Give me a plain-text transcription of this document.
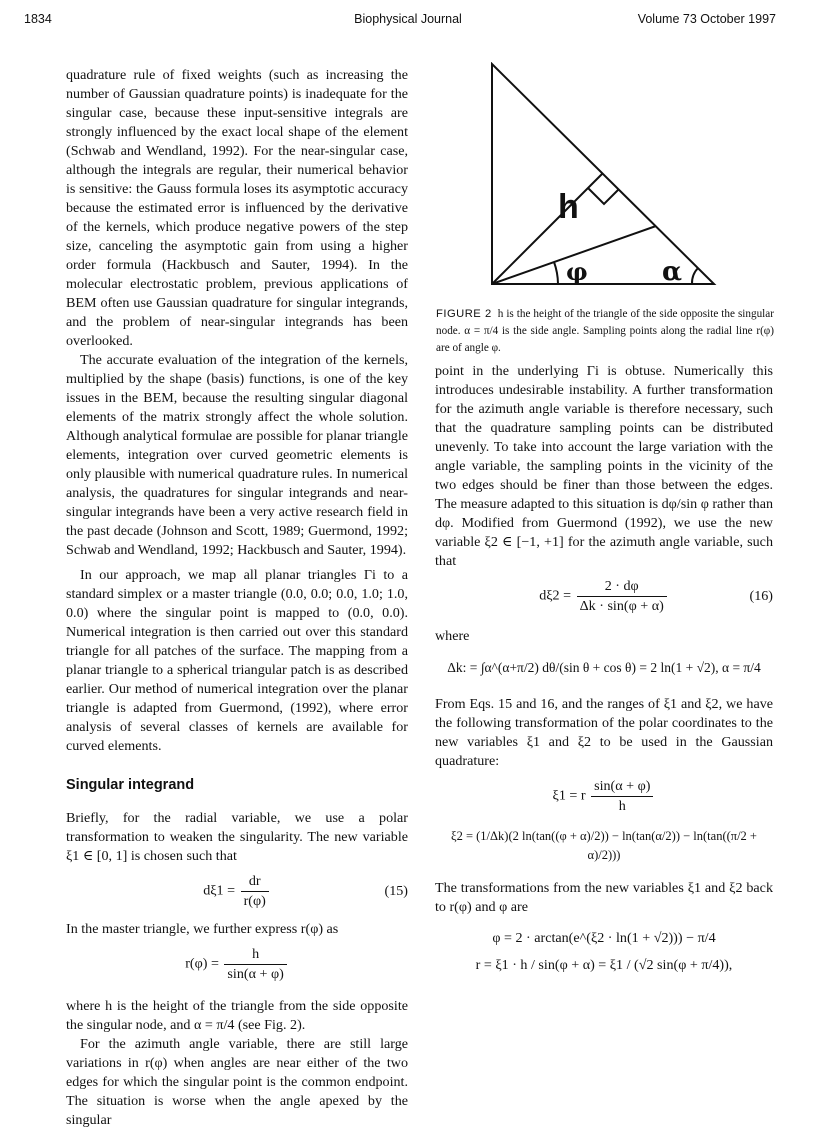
1834	Biophysical Journal	Volume 73 October 1997

quadrature rule of fixed weights (such as increasing the number of Gaussian quadrature points) is inadequate for the singular case, because these input-sensitive integrals are strongly influenced by the exact local shape of the element (Schwab and Wendland, 1992). For the near-singular case, although the integrals are regular, their numerical behavior is sensitive: the Gauss formula loses its asymptotic accuracy because the estimated error is influenced by the derivative of the kernels, which produce negative powers of the step size, canceling the asymptotic gain from using a higher order formula (Hackbusch and Sauter, 1994). In the molecular electrostatic problem, previous applications of BEM often use Gaussian quadrature for singular integrands, and the problem of near-singular integrands has been overlooked.

The accurate evaluation of the integration of the kernels, multiplied by the shape (basis) functions, is one of the key issues in the BEM, because the resulting singular diagonal elements of the matrix strongly affect the whole solution. Although analytical formulae are possible for planar triangle elements, integration over curved geometric elements is only plausible with numerical quadrature rules. In numerical analysis, the quadratures for singular integrands and near-singular integrands have been a very active research field in the past decade (Johnson and Scott, 1989; Guermond, 1992; Schwab and Wendland, 1992; Hackbusch and Sauter, 1994).

In our approach, we map all planar triangles Γi to a standard simplex or a master triangle (0.0, 0.0; 0.0, 1.0; 1.0, 0.0) where the singular point is mapped to (0.0, 0.0). Numerical integration is then carried out over this standard triangle for all patches of the surface. The mapping from a planar triangle to a spherical triangular patch is as described earlier. Our method of numerical integration over the planar triangle is adapted from Guermond, (1992), where error analysis of several classes of kernels are available for curved elements.

Singular integrand

Briefly, for the radial variable, we use a polar transformation to weaken the singularity. The new variable ξ1 ∈ [0, 1] is chosen such that

$d\xi 1 = \frac{dr}{r(\varphi)}$	(15)

In the master triangle, we further express r(φ) as

$r(\varphi) = \frac{h}{\sin(\alpha + \varphi)}$

where h is the height of the triangle from the side opposite the singular node, and α = π/4 (see Fig. 2).

For the azimuth angle variable, there are still large variations in r(φ) when angles are near either of the two edges for which the singular point is the common endpoint. The situation is worse when the angle apexed by the singular

h
φ	α
FIGURE 2 h is the height of the triangle of the side opposite the singular node. α = π/4 is the side angle. Sampling points along the radial line r(φ) are of angle φ.

point in the underlying Γi is obtuse. Numerically this introduces undesirable instability. A further transformation for the azimuth angle variable is therefore necessary, such that the quadrature sampling points can be distributed unevenly. To take into account the large variation with the angle variable, the sampling points in the vicinity of the two edges should be finer than those between the edges. The measure adapted to this situation is dφ/sin φ rather than dφ. Modified from Guermond (1992), we use the new variable ξ2 ∈ [−1, +1] for the azimuth angle variable, such that

$d\xi 2 = \frac{2 \cdot d\varphi}{\Delta k \cdot \sin(\varphi + \alpha)}$	(16)

where

Δk: = ∫α^(α+π/2) dθ/(sin θ + cos θ) = 2 ln(1 + √2), α = π/4

From Eqs. 15 and 16, and the ranges of ξ1 and ξ2, we have the following transformation of the polar coordinates to the new variables ξ1 and ξ2 to be used in the Gaussian quadrature:

ξ1 = r $\frac{\sin(\alpha + \varphi)}{h}$
ξ2 = (1/Δk)(2 ln(tan((φ + α)/2)) − ln(tan(α/2)) − ln(tan((π/2 + α)/2)))

The transformations from the new variables ξ1 and ξ2 back to r(φ) and φ are

φ = 2 · arctan(e^(ξ2 · ln(1 + √2))) − π/4
r = ξ1 · h / sin(φ + α) = ξ1 / (√2 sin(φ + π/4)),
